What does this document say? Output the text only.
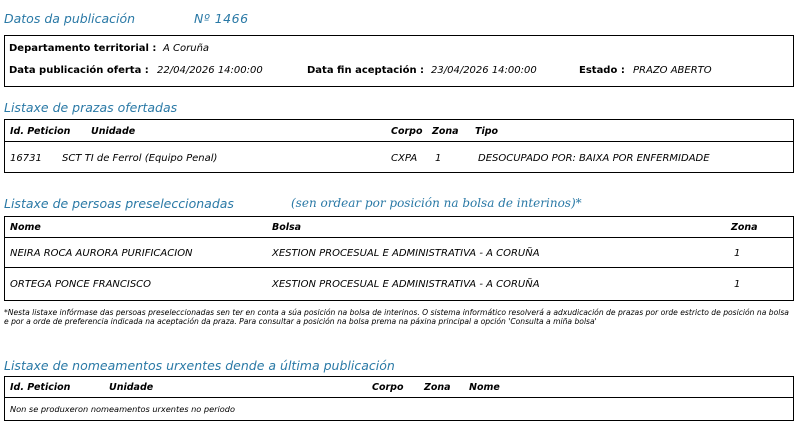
Datos da publicación	Nº 1466
Departamento territorial : A Coruña
Data publicación oferta : 22/04/2026 14:00:00	Data fin aceptación : 23/04/2026 14:00:00	Estado : PRAZO ABERTO
Listaxe de prazas ofertadas
Id. Peticion Unidade	Corpo Zona Tipo
16731 SCT TI de Ferrol (Equipo Penal)	CXPA 1	DESOCUPADO POR: BAIXA POR ENFERMIDADE
Listaxe de persoas preseleccionadas	(sen ordear por posición na bolsa de interinos)*
Nome	Bolsa	Zona
NEIRA ROCA AURORA PURIFICACION	XESTION PROCESUAL E ADMINISTRATIVA - A CORUÑA	1
ORTEGA PONCE FRANCISCO	XESTION PROCESUAL E ADMINISTRATIVA - A CORUÑA	1
*Nesta listaxe infórmase das persoas preseleccionadas sen ter en conta a súa posición na bolsa de interinos. O sistema informático resolverá a adxudicación de prazas por orde estricto de posición na bolsa e por a orde de preferencia indicada na aceptación da praza. Para consultar a posición na bolsa prema na páxina principal a opción 'Consulta a miña bolsa'
Listaxe de nomeamentos urxentes dende a última publicación
Id. Peticion	Unidade	Corpo Zona Nome
Non se produxeron nomeamentos urxentes no periodo
